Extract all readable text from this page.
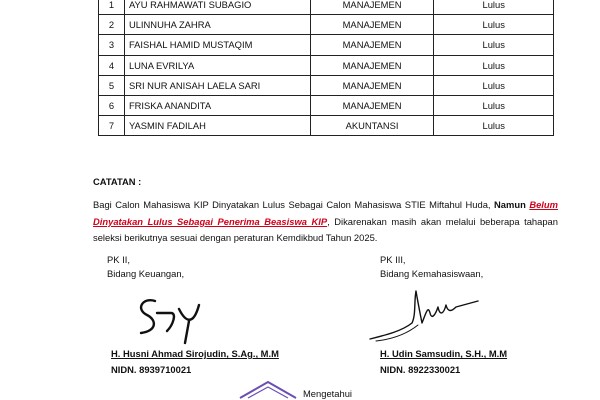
1	AYU RAHMAWATI SUBAGIO	MANAJEMEN	Lulus
2	ULINNUHA ZAHRA	MANAJEMEN	Lulus
3	FAISHAL HAMID MUSTAQIM	MANAJEMEN	Lulus
4	LUNA EVRILYA	MANAJEMEN	Lulus
5	SRI NUR ANISAH LAELA SARI	MANAJEMEN	Lulus
6	FRISKA ANANDITA	MANAJEMEN	Lulus
7	YASMIN FADILAH	AKUNTANSI	Lulus
CATATAN :
Bagi Calon Mahasiswa KIP Dinyatakan Lulus Sebagai Calon Mahasiswa STIE Miftahul Huda, Namun Belum Dinyatakan Lulus Sebagai Penerima Beasiswa KIP, Dikarenakan masih akan melalui beberapa tahapan seleksi berikutnya sesuai dengan peraturan Kemdikbud Tahun 2025.
PK II,
Bidang Keuangan,
H. Husni Ahmad Sirojudin, S.Ag., M.M
NIDN. 8939710021
PK III,
Bidang Kemahasiswaan,
H. Udin Samsudin, S.H., M.M
NIDN. 8922330021
Mengetahui
